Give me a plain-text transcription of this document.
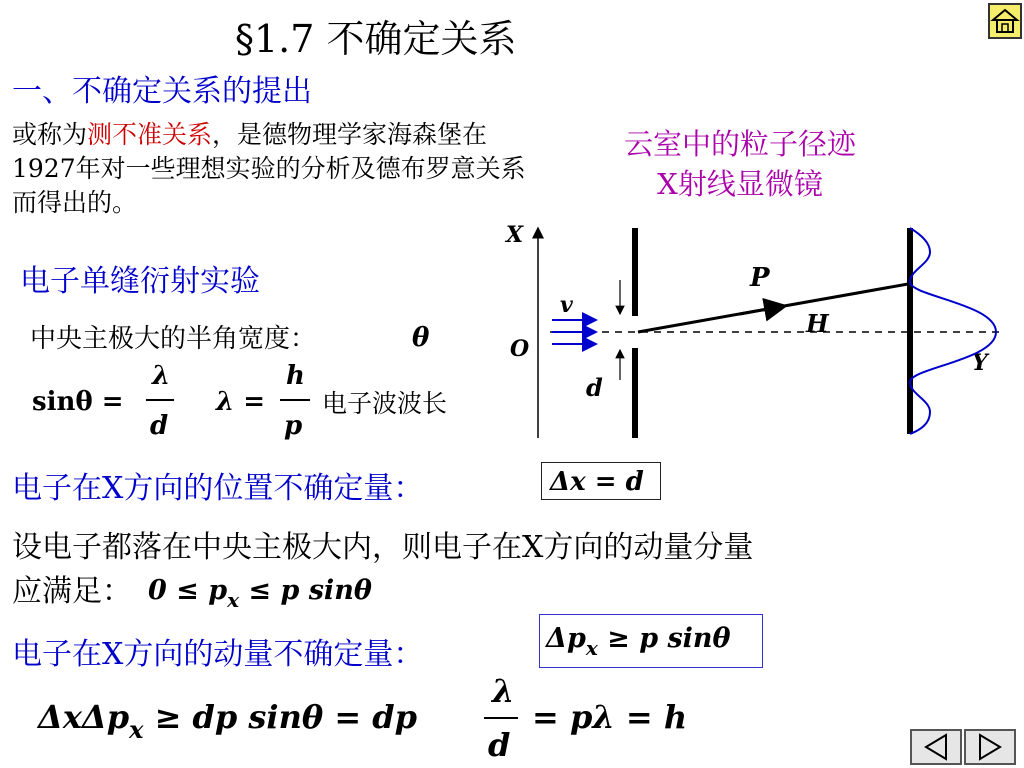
§1.7 不确定关系
一、不确定关系的提出
或称为测不准关系，是德物理学家海森堡在1927年对一些理想实验的分析及德布罗意关系而得出的。
云室中的粒子径迹
X射线显微镜
电子单缝衍射实验
中央主极大的半角宽度：
sinθ =
λ
d
λ =
h
p
电子波波长
X
O
v
d
P
H
Y
θ
电子在X方向的位置不确定量：	Δx = d
设电子都落在中央主极大内，则电子在X方向的动量分量
应满足： $0 \le p_x \le p$ sinθ
电子在X方向的动量不确定量：	$\Delta p_x \ge p$ sinθ
ΔxΔp$_x$ ≥ dp sinθ = dp
λ
d
= pλ = h
